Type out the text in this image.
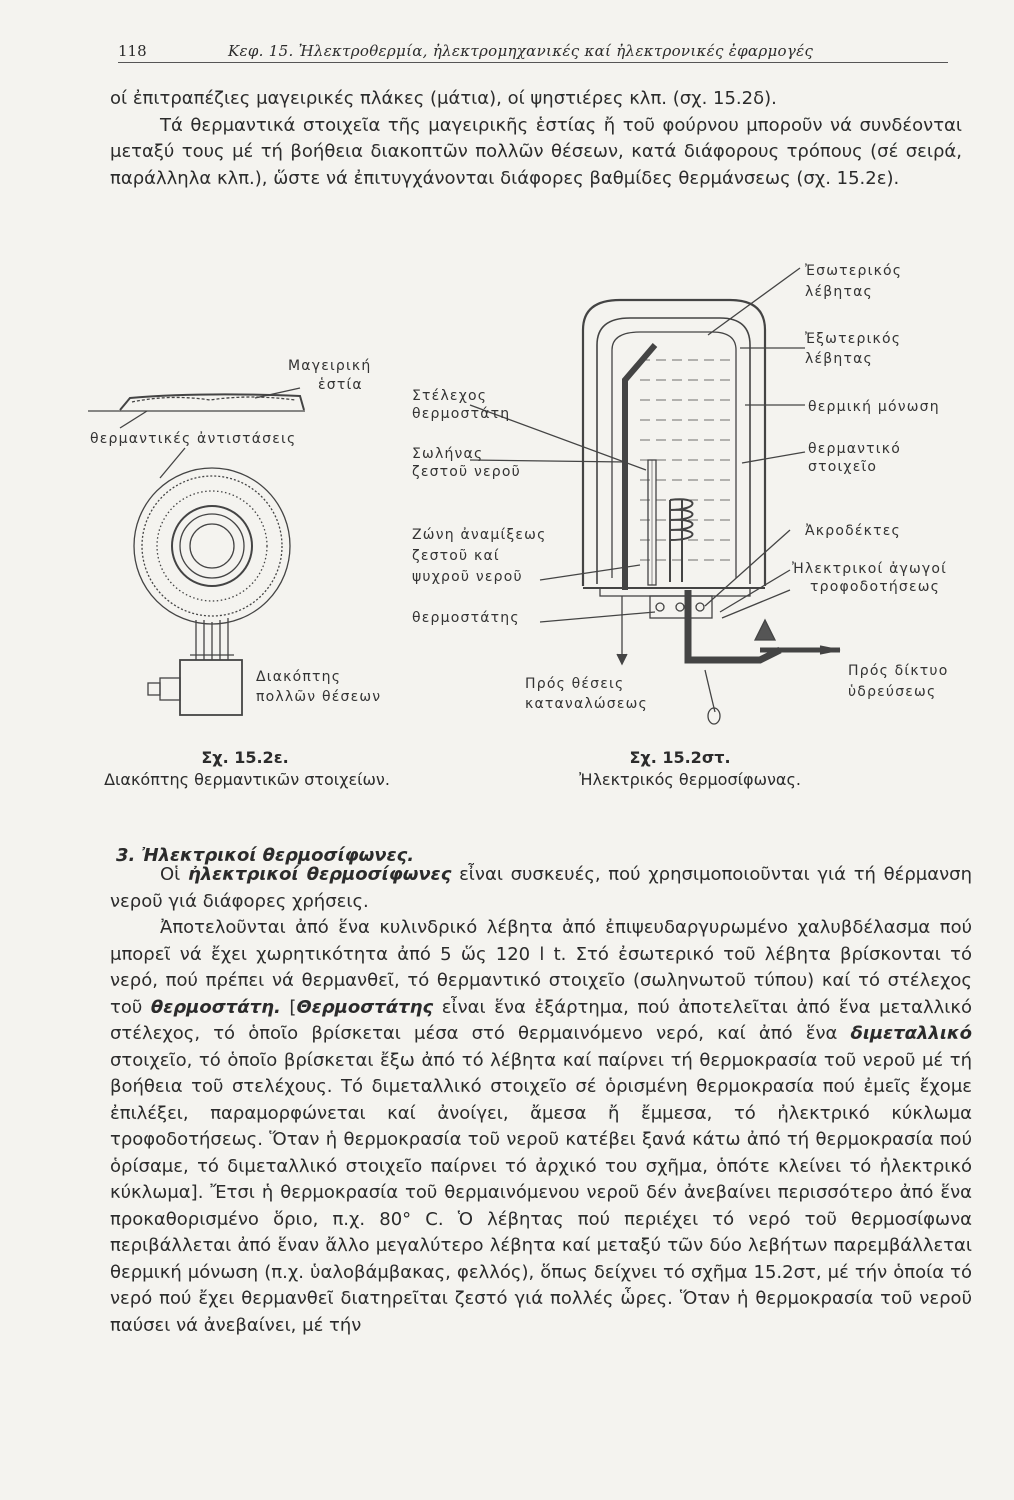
118	Κεφ. 15. Ἠλεκτροθερμία, ἠλεκτρομηχανικές καί ἠλεκτρονικές ἐφαρμογές
οί ἐπιτραπέζιες μαγειρικές πλάκες (μάτια), οί ψηστιέρες κλπ. (σχ. 15.2δ).
Τά θερμαντικά στοιχεῖα τῆς μαγειρικῆς ἑστίας ἤ τοῦ φούρνου μποροῦν νά συνδέονται μεταξύ τους μέ τή βοήθεια διακοπτῶν πολλῶν θέσεων, κατά διάφορους τρόπους (σέ σειρά, παράλληλα κλπ.), ὥστε νά ἐπιτυγχάνονται διάφορες βαθμίδες θερμάνσεως (σχ. 15.2ε).
Μαγειρική
ἑστία
θερμαντικές ἀντιστάσεις
Διακόπτης
πολλῶν θέσεων
Στέλεχος
θερμοστάτη
Σωλήνας
ζεστοῦ νεροῦ
Ζώνη ἀναμίξεως
ζεστοῦ καί
ψυχροῦ νεροῦ
θερμοστάτης
Πρός θέσεις
καταναλώσεως
Ἐσωτερικός
λέβητας
Ἐξωτερικός
λέβητας
θερμική μόνωση
θερμαντικό
στοιχεῖο
Ἀκροδέκτες
Ἠλεκτρικοί ἀγωγοί
τροφοδοτήσεως
Πρός δίκτυο
ὑδρεύσεως
Σχ. 15.2ε.
Διακόπτης θερμαντικῶν στοιχείων.
Σχ. 15.2στ.
Ἠλεκτρικός θερμοσίφωνας.
3. Ἠλεκτρικοί θερμοσίφωνες.
Οἱ ἠλεκτρικοί θερμοσίφωνες εἶναι συσκευές, πού χρησιμοποιοῦνται γιά τή θέρμανση νεροῦ γιά διάφορες χρήσεις.
Ἀποτελοῦνται ἀπό ἕνα κυλινδρικό λέβητα ἀπό ἐπιψευδαργυρωμένο χαλυβδέλασμα πού μπορεῖ νά ἔχει χωρητικότητα ἀπό 5 ὥς 120 l t. Στό ἐσωτερικό τοῦ λέβητα βρίσκονται τό νερό, πού πρέπει νά θερμανθεῖ, τό θερμαντικό στοιχεῖο (σωληνωτοῦ τύπου) καί τό στέλεχος τοῦ θερμοστάτη. [Θερμοστάτης εἶναι ἕνα ἐξάρτημα, πού ἀποτελεῖται ἀπό ἕνα μεταλλικό στέλεχος, τό ὁποῖο βρίσκεται μέσα στό θερμαινόμενο νερό, καί ἀπό ἕνα διμεταλλικό στοιχεῖο, τό ὁποῖο βρίσκεται ἔξω ἀπό τό λέβητα καί παίρνει τή θερμοκρασία τοῦ νεροῦ μέ τή βοήθεια τοῦ στελέχους. Τό διμεταλλικό στοιχεῖο σέ ὁρισμένη θερμοκρασία πού ἐμεῖς ἔχομε ἐπιλέξει, παραμορφώνεται καί ἀνοίγει, ἄμεσα ἤ ἔμμεσα, τό ἠλεκτρικό κύκλωμα τροφοδοτήσεως. Ὅταν ἡ θερμοκρασία τοῦ νεροῦ κατέβει ξανά κάτω ἀπό τή θερμοκρασία πού ὁρίσαμε, τό διμεταλλικό στοιχεῖο παίρνει τό ἀρχικό του σχῆμα, ὁπότε κλείνει τό ἠλεκτρικό κύκλωμα]. Ἔτσι ἡ θερμοκρασία τοῦ θερμαινόμενου νεροῦ δέν ἀνεβαίνει περισσότερο ἀπό ἕνα προκαθορισμένο ὅριο, π.χ. 80° C. Ὁ λέβητας πού περιέχει τό νερό τοῦ θερμοσίφωνα περιβάλλεται ἀπό ἕναν ἄλλο μεγαλύτερο λέβητα καί μεταξύ τῶν δύο λεβήτων παρεμβάλλεται θερμική μόνωση (π.χ. ὑαλοβάμβακας, φελλός), ὅπως δείχνει τό σχῆμα 15.2στ, μέ τήν ὁποία τό νερό πού ἔχει θερμανθεῖ διατηρεῖται ζεστό γιά πολλές ὧρες. Ὅταν ἡ θερμοκρασία τοῦ νεροῦ παύσει νά ἀνεβαίνει, μέ τήν
